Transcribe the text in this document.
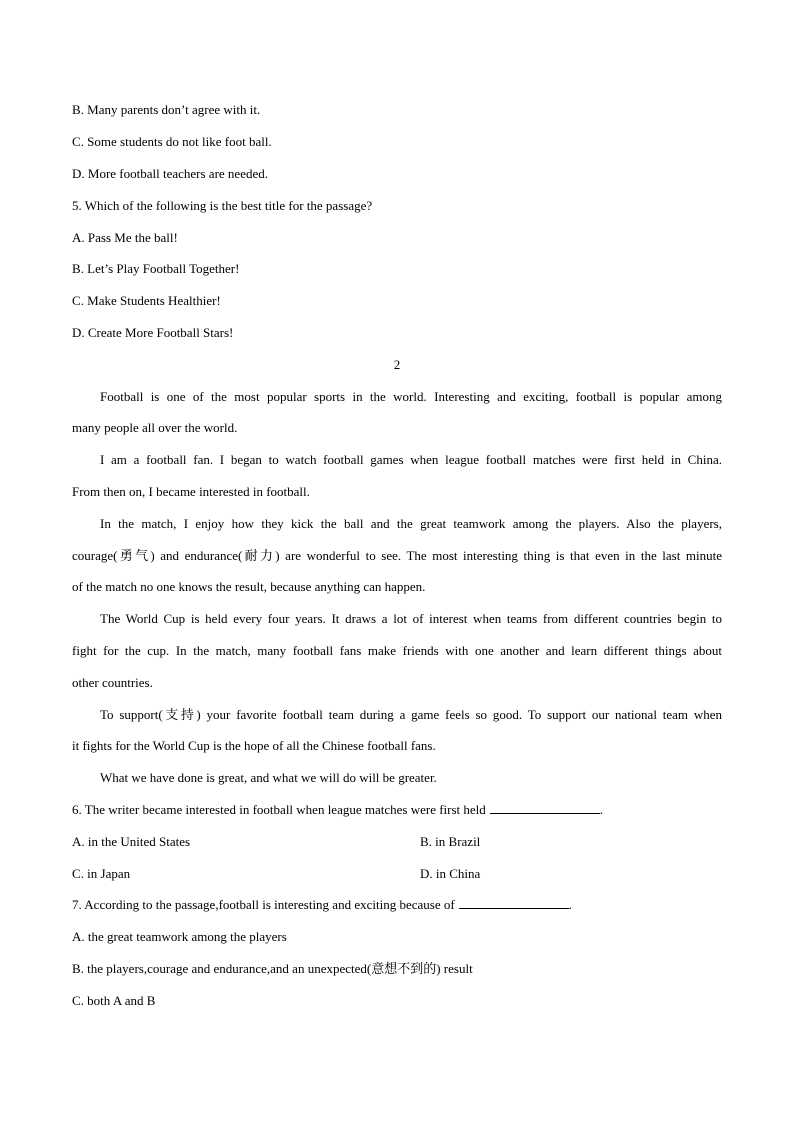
B. Many parents don’t agree with it.

C. Some students do not like foot ball.

D. More football teachers are needed.

5. Which of the following is the best title for the passage?

A. Pass Me the ball!

B. Let’s Play Football Together!

C. Make Students Healthier!

D. Create More Football Stars!

2

Football is one of the most popular sports in the world. Interesting and exciting, football is popular among

many people all over the world.

I am a football fan. I began to watch football games when league football matches were first held in China.

From then on, I became interested in football.

In the match, I enjoy how they kick the ball and the great teamwork among the players. Also the players,

courage(勇气) and endurance(耐力) are wonderful to see. The most interesting thing is that even in the last minute

of the match no one knows the result, because anything can happen.

The World Cup is held every four years. It draws a lot of interest when teams from different countries begin to

fight for the cup. In the match, many football fans make friends with one another and learn different things about

other countries.

To support(支持) your favorite football team during a game feels so good. To support our national team when

it fights for the World Cup is the hope of all the Chinese football fans.

What we have done is great, and what we will do will be greater.

6. The writer became interested in football when league matches were first held	.

A. in the United States	B. in Brazil

C. in Japan	D. in China

7. According to the passage,football is interesting and exciting because of	.

A. the great teamwork among the players

B. the players,courage and endurance,and an unexpected(意想不到的) result

C. both A and B
